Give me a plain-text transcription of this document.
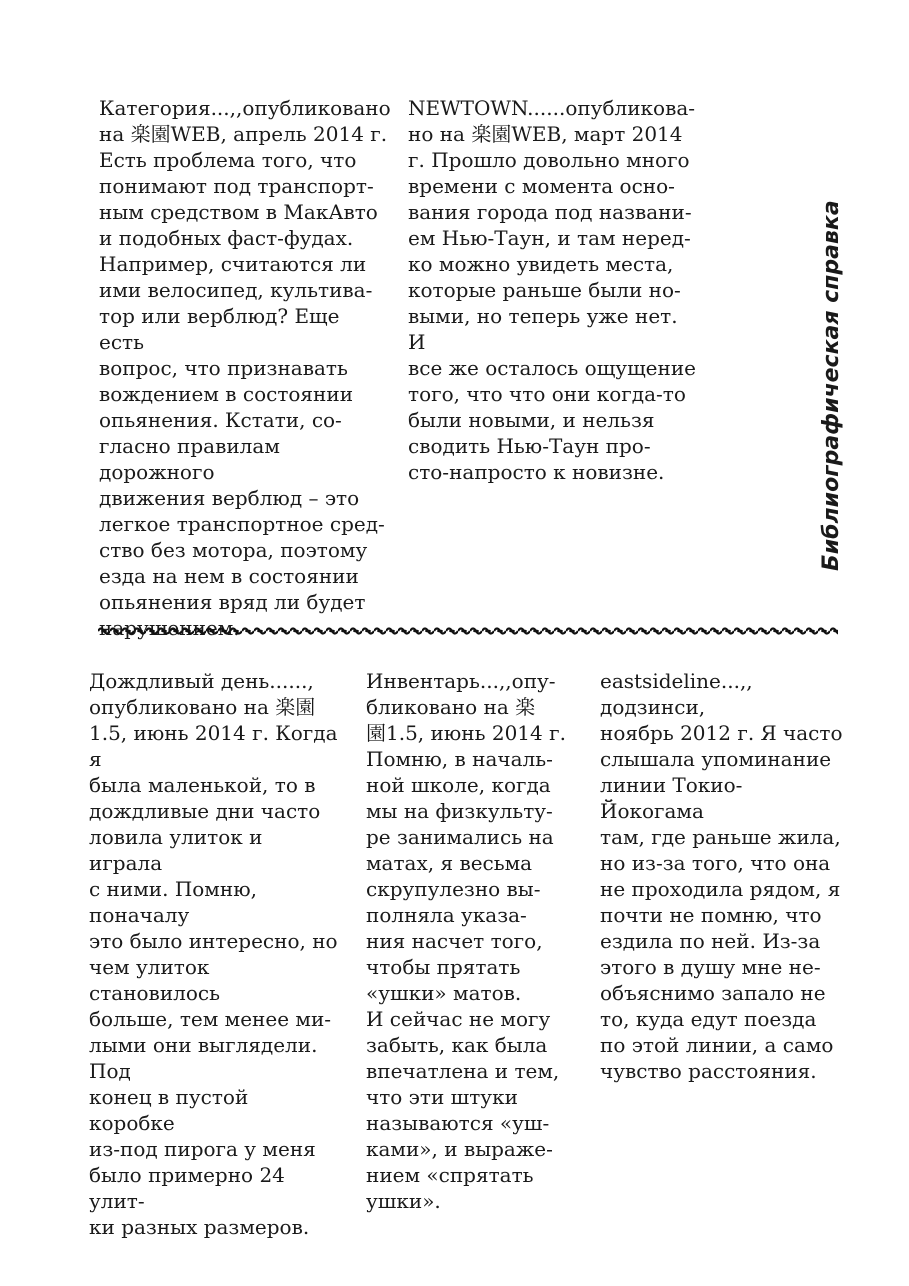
Категория...,,опубликовано
на 楽園WEB, апрель 2014 г.
Есть проблема того, что
понимают под транспорт-
ным средством в МакАвто
и подобных фаст-фудах.
Например, считаются ли
ими велосипед, культива-
тор или верблюд? Еще есть
вопрос, что признавать
вождением в состоянии
опьянения. Кстати, со-
гласно правилам дорожного
движения верблюд – это
легкое транспортное сред-
ство без мотора, поэтому
езда на нем в состоянии
опьянения вряд ли будет

NEWTOWN......опубликова-
но на 楽園WEB, март 2014
г. Прошло довольно много
времени с момента осно-
вания города под названи-
ем Нью-Таун, и там неред-
ко можно увидеть места,
которые раньше были но-
выми, но теперь уже нет. И
все же осталось ощущение
того, что что они когда-то
были новыми, и нельзя
сводить Нью-Таун про-
сто-напросто к новизне.	Библиографическая справка

Дождливый день......,
опубликовано на 楽園
1.5, июнь 2014 г. Когда я
была маленькой, то в
дождливые дни часто
ловила улиток и играла
с ними. Помню, поначалу
это было интересно, но
чем улиток становилось
больше, тем менее ми-
лыми они выглядели. Под
конец в пустой коробке
из-под пирога у меня
было примерно 24 улит-
ки разных размеров.

Инвентарь...,,опу-
бликовано на 楽
園1.5, июнь 2014 г.
Помню, в началь-
ной школе, когда
мы на физкульту-
ре занимались на
матах, я весьма
скрупулезно вы-
полняла указа-
ния насчет того,
чтобы прятать
«ушки» матов.
И сейчас не могу
забыть, как была
впечатлена и тем,
что эти штуки
называются «уш-
ками», и выраже-
нием «спрятать
ушки».

eastsideline...,, додзинси,
ноябрь 2012 г. Я часто
слышала упоминание
линии Токио-Йокогама
там, где раньше жила,
но из-за того, что она
не проходила рядом, я
почти не помню, что
ездила по ней. Из-за
этого в душу мне не-
объяснимо запало не
то, куда едут поезда
по этой линии, а само
чувство расстояния.
